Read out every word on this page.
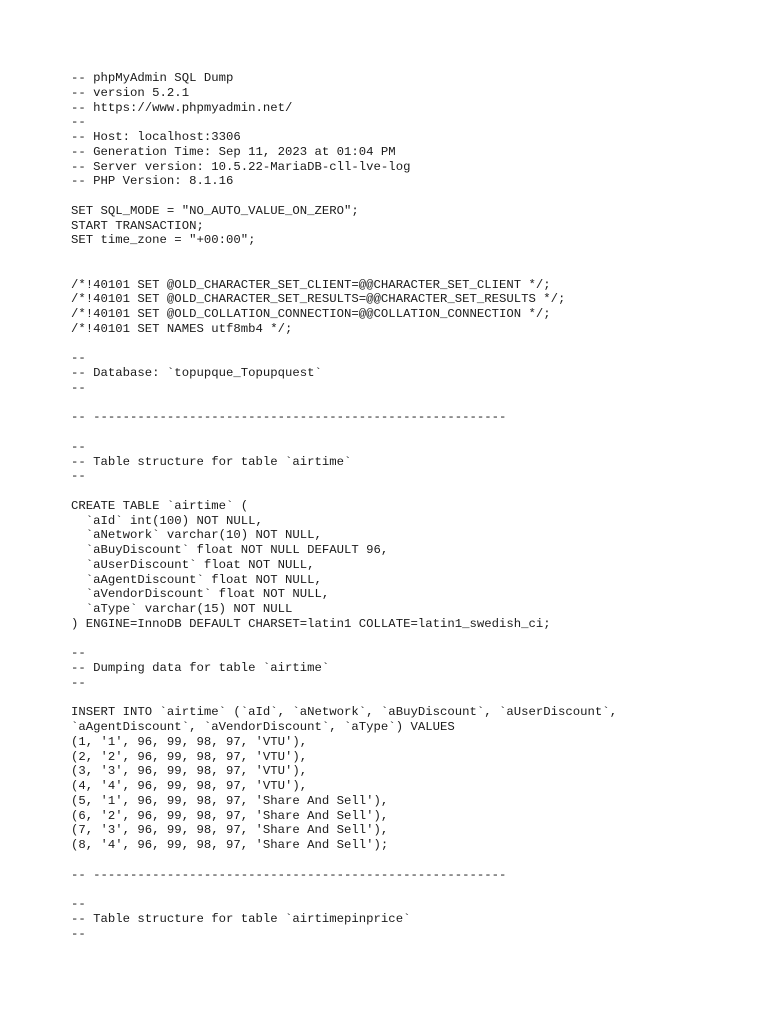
-- phpMyAdmin SQL Dump
-- version 5.2.1
-- https://www.phpmyadmin.net/
--
-- Host: localhost:3306
-- Generation Time: Sep 11, 2023 at 01:04 PM
-- Server version: 10.5.22-MariaDB-cll-lve-log
-- PHP Version: 8.1.16
SET SQL_MODE = "NO_AUTO_VALUE_ON_ZERO";
START TRANSACTION;
SET time_zone = "+00:00";
/*!40101 SET @OLD_CHARACTER_SET_CLIENT=@@CHARACTER_SET_CLIENT */;
/*!40101 SET @OLD_CHARACTER_SET_RESULTS=@@CHARACTER_SET_RESULTS */;
/*!40101 SET @OLD_COLLATION_CONNECTION=@@COLLATION_CONNECTION */;
/*!40101 SET NAMES utf8mb4 */;
--
-- Database: `topupque_Topupquest`
--
-- --------------------------------------------------------
--
-- Table structure for table `airtime`
--
CREATE TABLE `airtime` (
`aId` int(100) NOT NULL,
`aNetwork` varchar(10) NOT NULL,
`aBuyDiscount` float NOT NULL DEFAULT 96,
`aUserDiscount` float NOT NULL,
`aAgentDiscount` float NOT NULL,
`aVendorDiscount` float NOT NULL,
`aType` varchar(15) NOT NULL
) ENGINE=InnoDB DEFAULT CHARSET=latin1 COLLATE=latin1_swedish_ci;
--
-- Dumping data for table `airtime`
--
INSERT INTO `airtime` (`aId`, `aNetwork`, `aBuyDiscount`, `aUserDiscount`,
`aAgentDiscount`, `aVendorDiscount`, `aType`) VALUES
(1, '1', 96, 99, 98, 97, 'VTU'),
(2, '2', 96, 99, 98, 97, 'VTU'),
(3, '3', 96, 99, 98, 97, 'VTU'),
(4, '4', 96, 99, 98, 97, 'VTU'),
(5, '1', 96, 99, 98, 97, 'Share And Sell'),
(6, '2', 96, 99, 98, 97, 'Share And Sell'),
(7, '3', 96, 99, 98, 97, 'Share And Sell'),
(8, '4', 96, 99, 98, 97, 'Share And Sell');
-- --------------------------------------------------------
--
-- Table structure for table `airtimepinprice`
--
